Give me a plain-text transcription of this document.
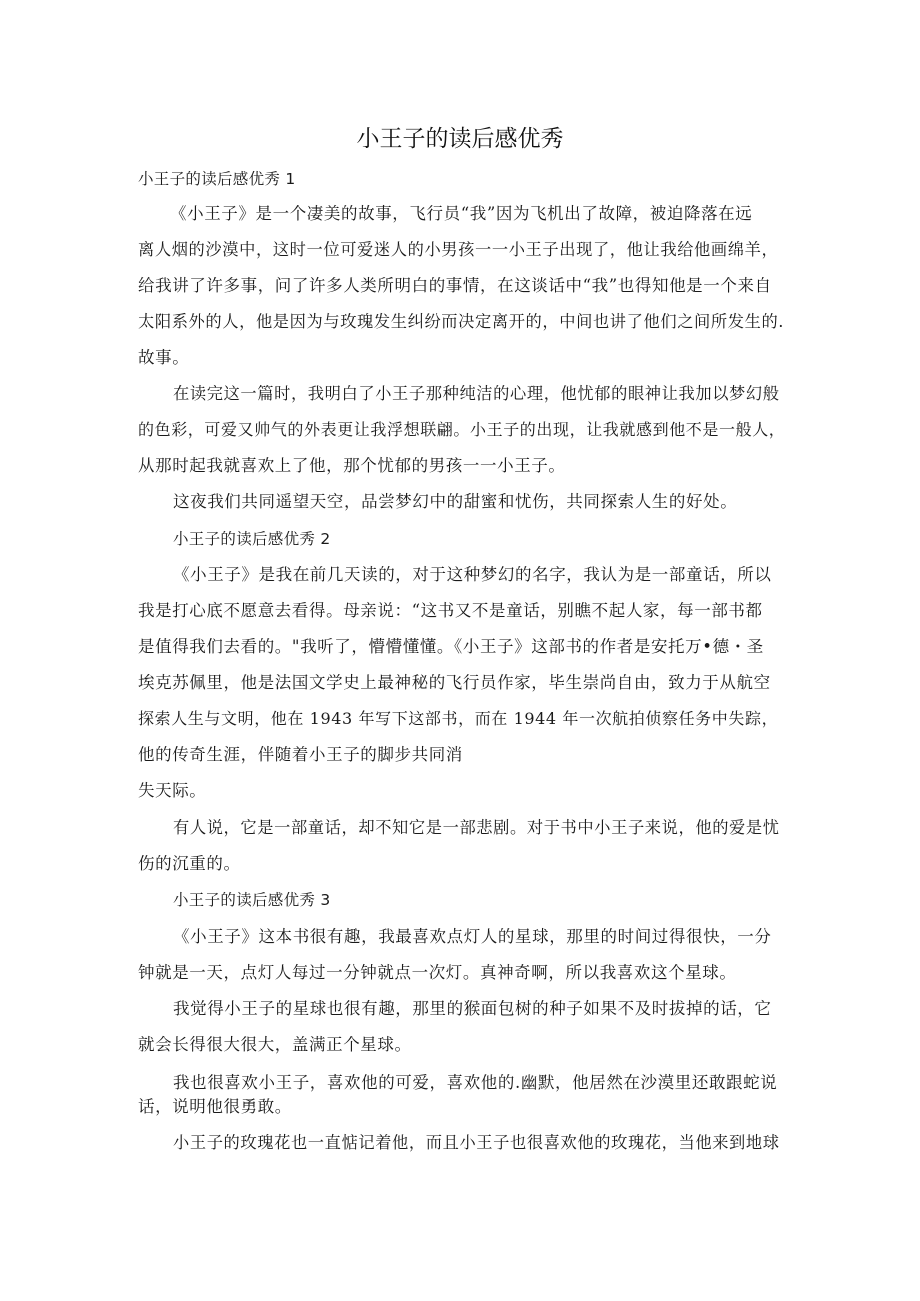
小王子的读后感优秀
小王子的读后感优秀 1
《小王子》是一个凄美的故事，飞行员“我”因为飞机出了故障，被迫降落在远
离人烟的沙漠中，这时一位可爱迷人的小男孩一一小王子出现了，他让我给他画绵羊，
给我讲了许多事，问了许多人类所明白的事情，在这谈话中“我”也得知他是一个来自
太阳系外的人，他是因为与玫瑰发生纠纷而决定离开的，中间也讲了他们之间所发生的.
故事。
在读完这一篇时，我明白了小王子那种纯洁的心理，他忧郁的眼神让我加以梦幻般
的色彩，可爱又帅气的外表更让我浮想联翩。小王子的出现，让我就感到他不是一般人，
从那时起我就喜欢上了他，那个忧郁的男孩一一小王子。
这夜我们共同遥望天空，品尝梦幻中的甜蜜和忧伤，共同探索人生的好处。
小王子的读后感优秀 2
《小王子》是我在前几天读的，对于这种梦幻的名字，我认为是一部童话，所以
我是打心底不愿意去看得。母亲说：“这书又不是童话，别瞧不起人家，每一部书都
是值得我们去看的。"我听了，懵懵懂懂。《小王子》这部书的作者是安托万•德・圣
埃克苏佩里，他是法国文学史上最神秘的飞行员作家，毕生崇尚自由，致力于从航空
探索人生与文明，他在 1943 年写下这部书，而在 1944 年一次航拍侦察任务中失踪，
他的传奇生涯，伴随着小王子的脚步共同消
失天际。
有人说，它是一部童话，却不知它是一部悲剧。对于书中小王子来说，他的爱是忧
伤的沉重的。
小王子的读后感优秀 3
《小王子》这本书很有趣，我最喜欢点灯人的星球，那里的时间过得很快，一分
钟就是一天，点灯人每过一分钟就点一次灯。真神奇啊，所以我喜欢这个星球。
我觉得小王子的星球也很有趣，那里的猴面包树的种子如果不及时拔掉的话，它
就会长得很大很大，盖满正个星球。
我也很喜欢小王子，喜欢他的可爱，喜欢他的.幽默，他居然在沙漠里还敢跟蛇说
话，说明他很勇敢。
小王子的玫瑰花也一直惦记着他，而且小王子也很喜欢他的玫瑰花，当他来到地球
